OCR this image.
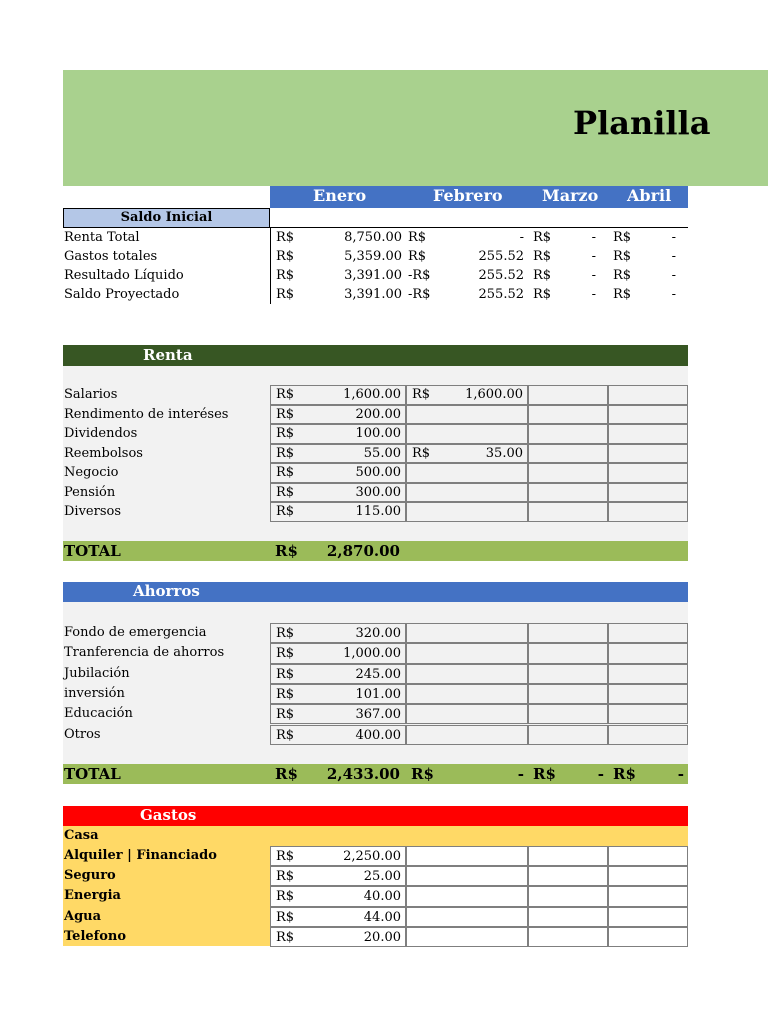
Planilla
Enero	Febrero Marzo Abril
Saldo Inicial
Renta Total	R$	8,750.00 R$	- R$	- R$	-
Gastos totales	R$	5,359.00 R$	255.52 R$	- R$	-
Resultado Líquido	R$	3,391.00 -R$	255.52 R$	- R$	-
Saldo Proyectado	R$	3,391.00 -R$	255.52 R$	- R$	-
Renta
Salarios	R$	1,600.00 R$	1,600.00
Rendimento de interéses	R$	200.00
Dividendos	R$	100.00
Reembolsos	R$	55.00 R$	35.00
Negocio	R$	500.00
Pensión	R$	300.00
Diversos	R$	115.00
TOTAL	R$ 2,870.00
Ahorros
Fondo de emergencia	R$	320.00
Tranferencia de ahorros	R$	1,000.00
Jubilación	R$	245.00
inversión	R$	101.00
Educación	R$	367.00
Otros	R$	400.00
TOTAL	R$ 2,433.00 R$	- R$	- R$	-
Gastos
Casa
Alquiler | Financiado	R$	2,250.00
Seguro	R$	25.00
Energia	R$	40.00
Agua	R$	44.00
Telefono	R$	20.00
